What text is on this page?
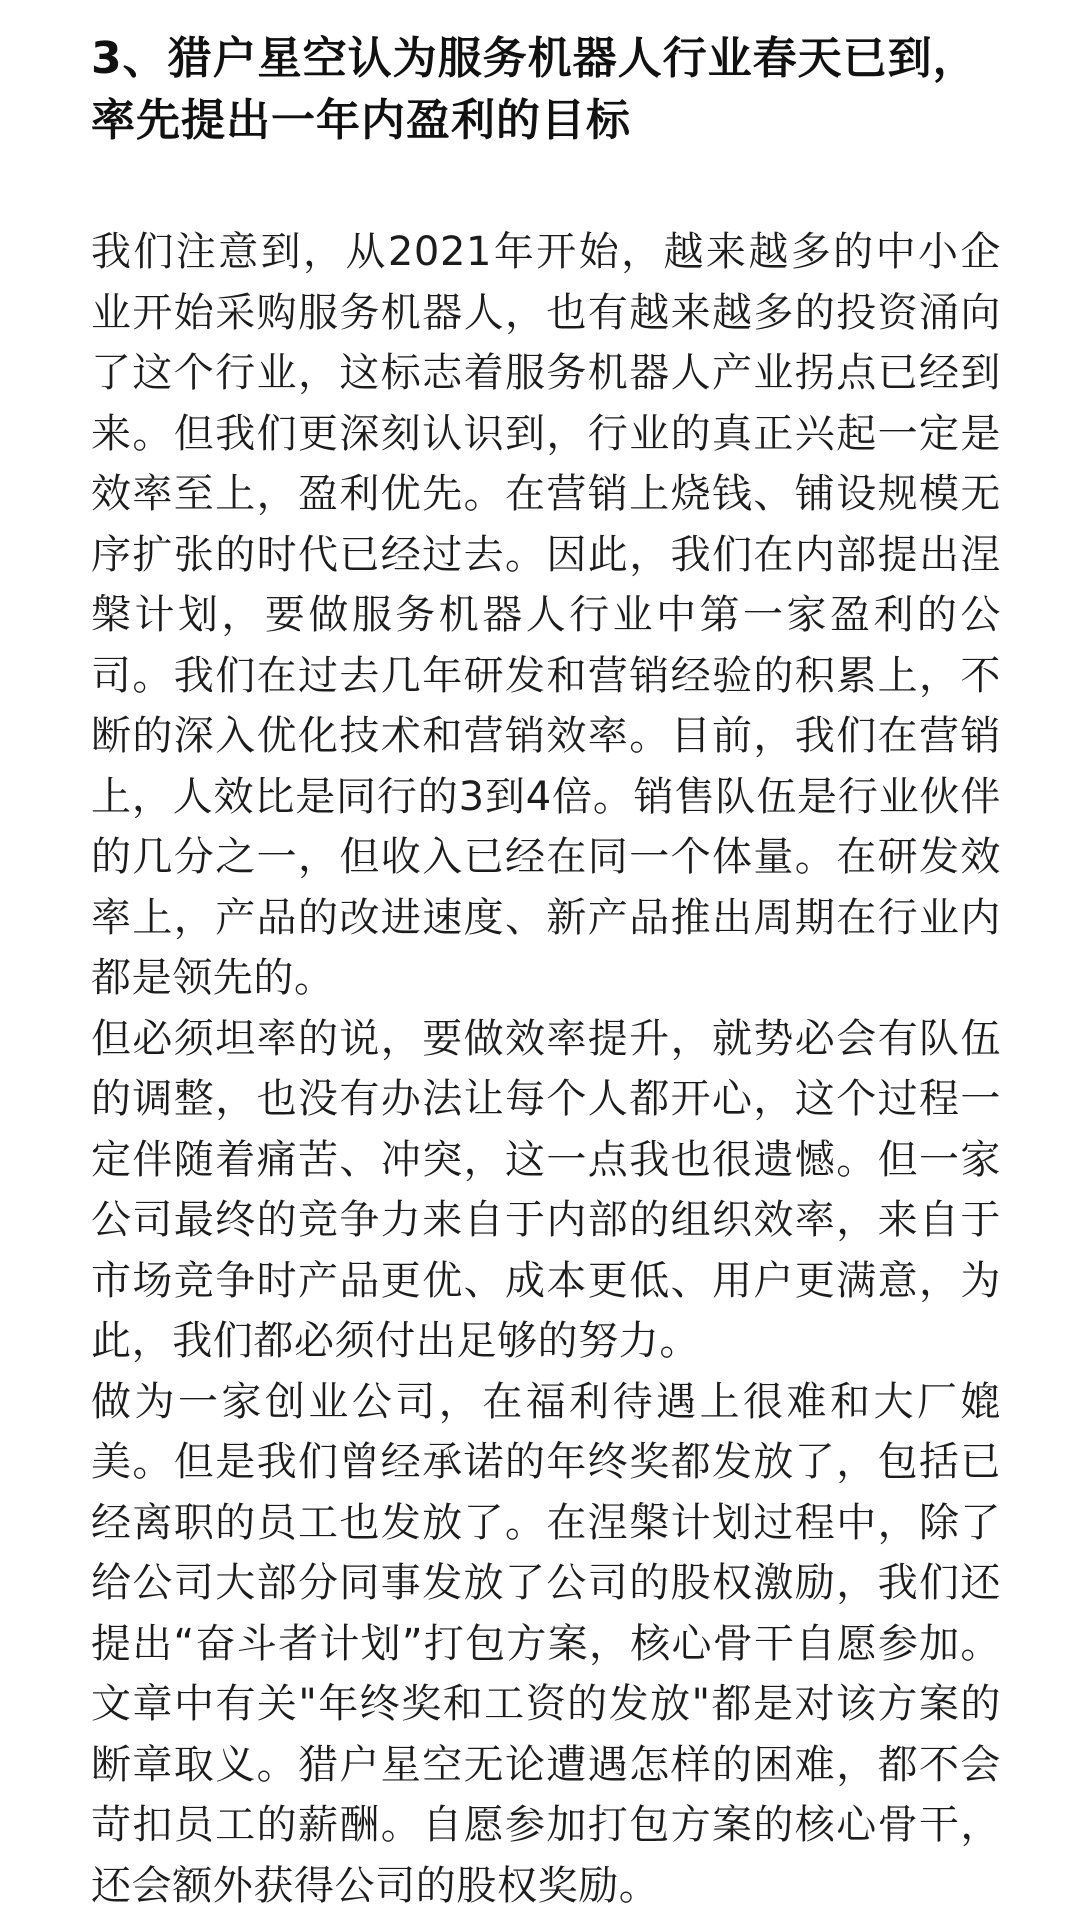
3、猎户星空认为服务机器人行业春天已到，率先提出一年内盈利的目标

我们注意到，从2021年开始，越来越多的中小企业开始采购服务机器人，也有越来越多的投资涌向了这个行业，这标志着服务机器人产业拐点已经到来。但我们更深刻认识到，行业的真正兴起一定是效率至上，盈利优先。在营销上烧钱、铺设规模无序扩张的时代已经过去。因此，我们在内部提出涅槃计划，要做服务机器人行业中第一家盈利的公司。我们在过去几年研发和营销经验的积累上，不断的深入优化技术和营销效率。目前，我们在营销上，人效比是同行的3到4倍。销售队伍是行业伙伴的几分之一，但收入已经在同一个体量。在研发效率上，产品的改进速度、新产品推出周期在行业内都是领先的。

但必须坦率的说，要做效率提升，就势必会有队伍的调整，也没有办法让每个人都开心，这个过程一定伴随着痛苦、冲突，这一点我也很遗憾。但一家公司最终的竞争力来自于内部的组织效率，来自于市场竞争时产品更优、成本更低、用户更满意，为此，我们都必须付出足够的努力。

做为一家创业公司，在福利待遇上很难和大厂媲美。但是我们曾经承诺的年终奖都发放了，包括已经离职的员工也发放了。在涅槃计划过程中，除了给公司大部分同事发放了公司的股权激励，我们还提出“奋斗者计划”打包方案，核心骨干自愿参加。文章中有关"年终奖和工资的发放"都是对该方案的断章取义。猎户星空无论遭遇怎样的困难，都不会苛扣员工的薪酬。自愿参加打包方案的核心骨干，还会额外获得公司的股权奖励。
